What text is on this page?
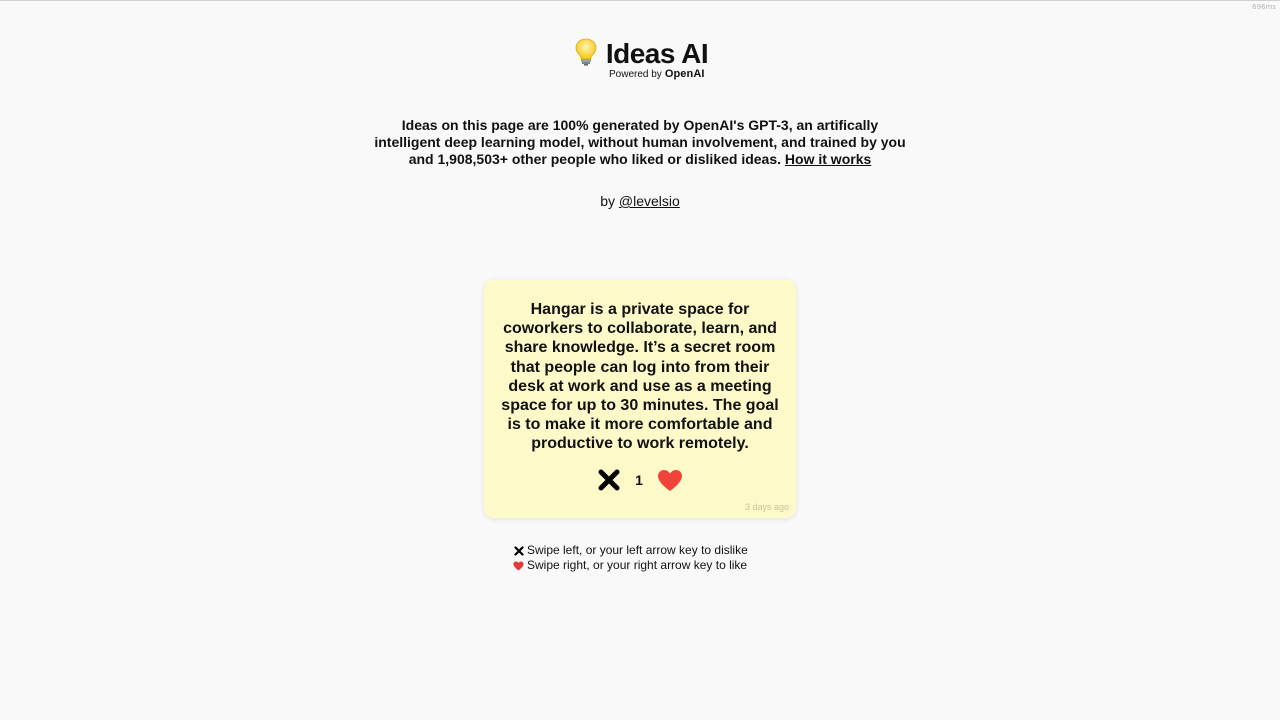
696ms
Ideas AI
Powered by OpenAI
Ideas on this page are 100% generated by OpenAI's GPT-3, an artifically intelligent deep learning model, without human involvement, and trained by you and 1,908,503+ other people who liked or disliked ideas. How it works
by @levelsio
Hangar is a private space for coworkers to collaborate, learn, and share knowledge. It’s a secret room that people can log into from their desk at work and use as a meeting space for up to 30 minutes. The goal is to make it more comfortable and productive to work remotely.
1
3 days ago
Swipe left, or your left arrow key to dislike
Swipe right, or your right arrow key to like
